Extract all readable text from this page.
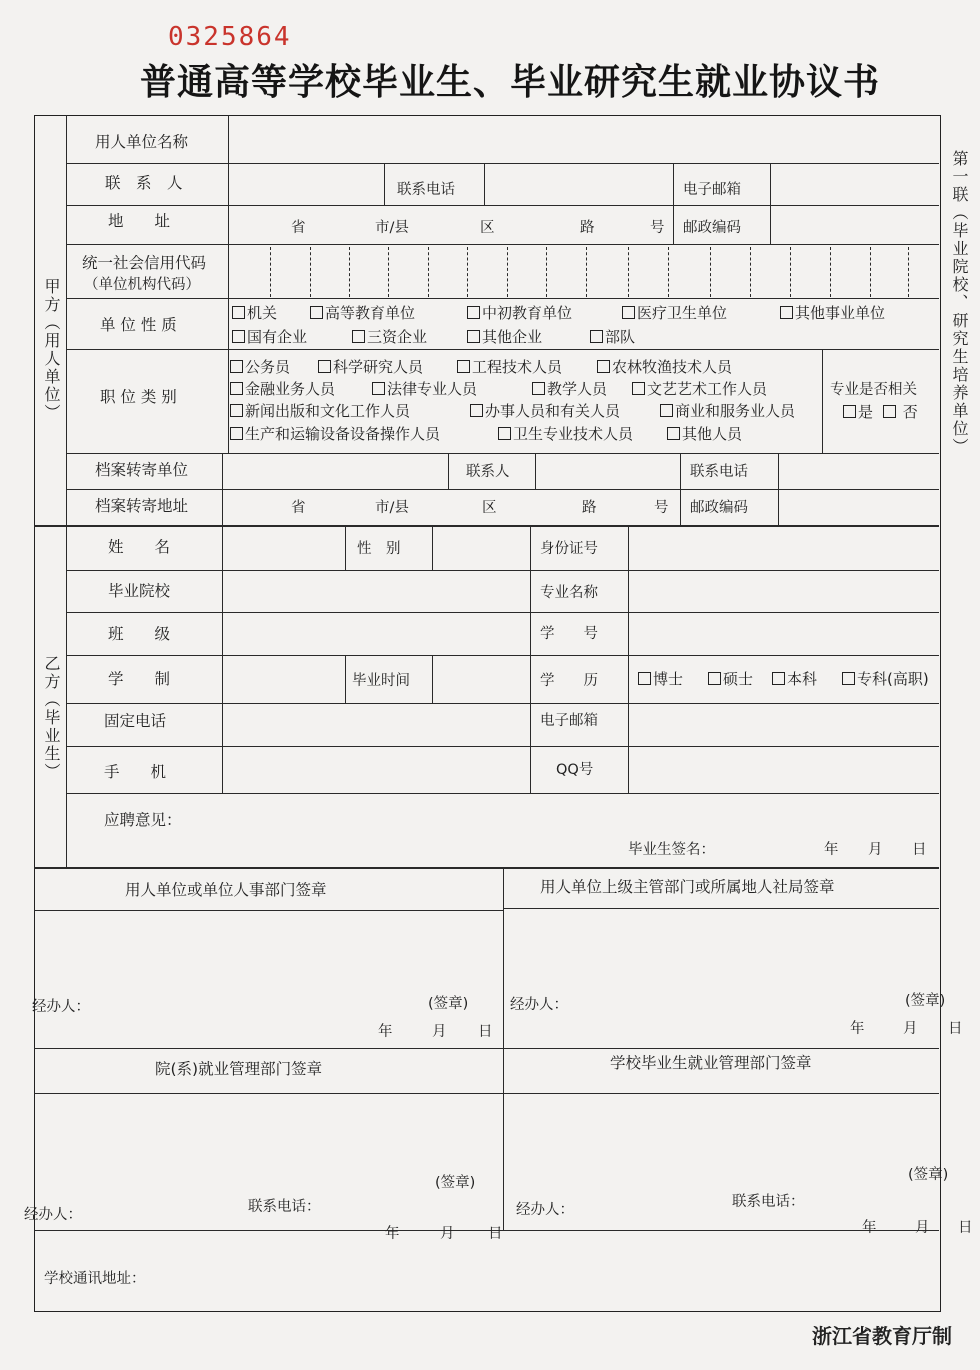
0325864
普通高等学校毕业生、毕业研究生就业协议书
第一联（毕业院校、研究生培养单位）
甲方（用人单位）
乙方（毕业生）
用人单位名称
联　系　人	联系电话	电子邮箱
地　　址	省	市/县	区	路	号 邮政编码
统一社会信用代码
（单位机构代码）
单 位 性 质
机关	高等教育单位	中初教育单位	医疗卫生单位	其他事业单位
国有企业	三资企业	其他企业	部队
职 位 类 别
公务员	科学研究人员	工程技术人员	农林牧渔技术人员
金融业务人员	法律专业人员	教学人员	文艺艺术工作人员
新闻出版和文化工作人员	办事人员和有关人员	商业和服务业人员
生产和运输设备设备操作人员	卫生专业技术人员	其他人员
专业是否相关
是	否
档案转寄单位	联系人	联系电话
档案转寄地址	省	市/县	区	路	号 邮政编码
姓　　名	性　别	身份证号
毕业院校	专业名称
班　　级	学　　号
学　　制	毕业时间	学　　历	博士	硕士	本科	专科(高职)
固定电话	电子邮箱
手　　机	QQ号
应聘意见：
毕业生签名：	年 月 日
用人单位或单位人事部门签章	用人单位上级主管部门或所属地人社局签章
经办人：	(签章)
年	月 日
经办人：	(签章)
年	月 日
院(系)就业管理部门签章	学校毕业生就业管理部门签章
(签章)
经办人：	联系电话：
年	月 日
(签章)
经办人：	联系电话：
年	月 日
学校通讯地址：
浙江省教育厅制
